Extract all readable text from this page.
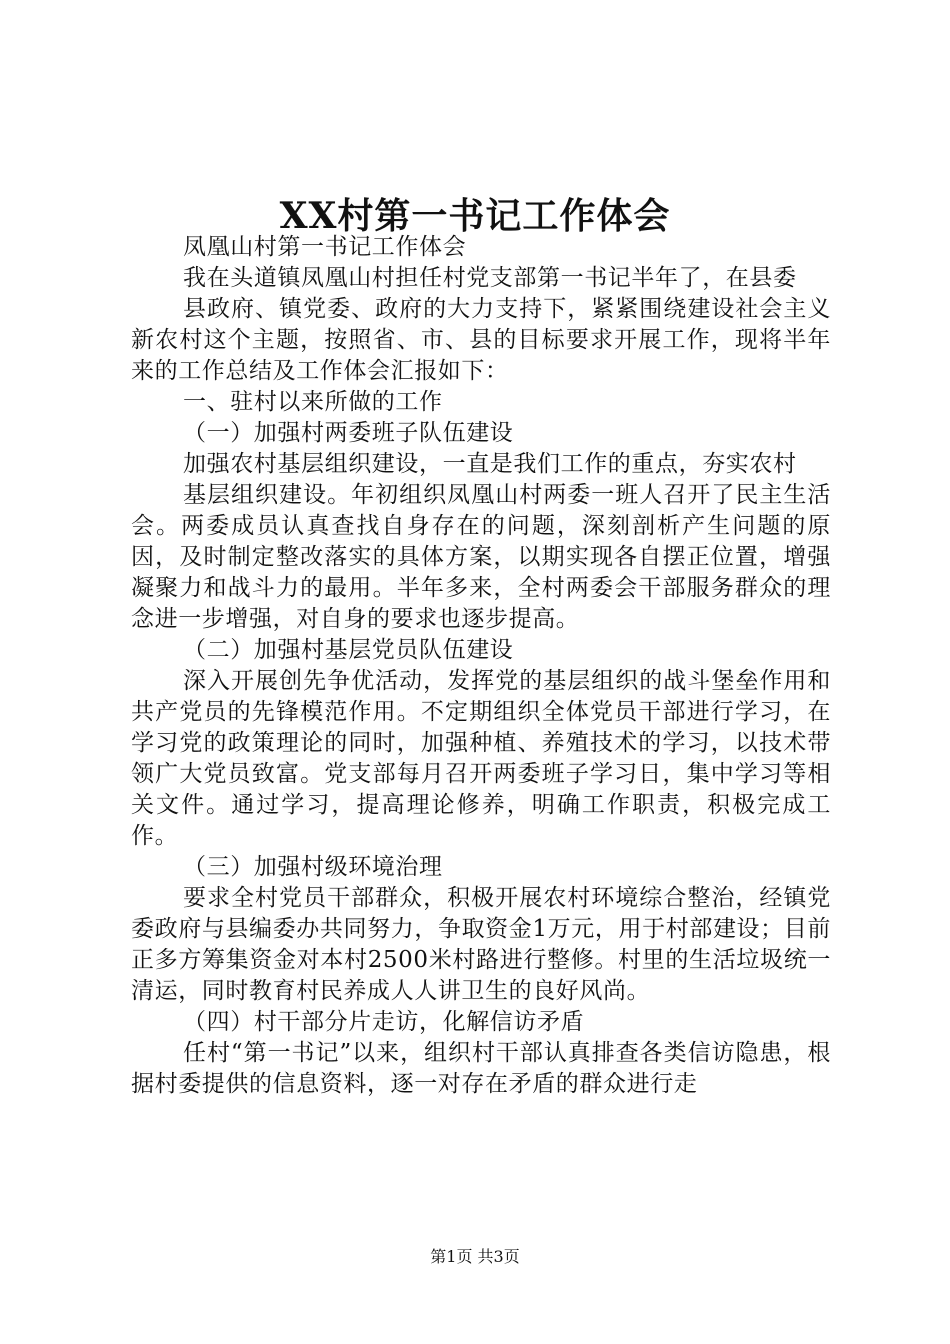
XX村第一书记工作体会

凤凰山村第一书记工作体会

我在头道镇凤凰山村担任村党支部第一书记半年了，在县委

县政府、镇党委、政府的大力支持下，紧紧围绕建设社会主义新农村这个主题，按照省、市、县的目标要求开展工作，现将半年来的工作总结及工作体会汇报如下：

一、驻村以来所做的工作

（一）加强村两委班子队伍建设

加强农村基层组织建设，一直是我们工作的重点，夯实农村

基层组织建设。年初组织凤凰山村两委一班人召开了民主生活会。两委成员认真查找自身存在的问题，深刻剖析产生问题的原因，及时制定整改落实的具体方案，以期实现各自摆正位置，增强凝聚力和战斗力的最用。半年多来，全村两委会干部服务群众的理念进一步增强，对自身的要求也逐步提高。

（二）加强村基层党员队伍建设

深入开展创先争优活动，发挥党的基层组织的战斗堡垒作用和共产党员的先锋模范作用。不定期组织全体党员干部进行学习，在学习党的政策理论的同时，加强种植、养殖技术的学习，以技术带领广大党员致富。党支部每月召开两委班子学习日，集中学习等相关文件。通过学习，提高理论修养，明确工作职责，积极完成工作。

（三）加强村级环境治理

要求全村党员干部群众，积极开展农村环境综合整治，经镇党委政府与县编委办共同努力，争取资金1万元，用于村部建设；目前正多方筹集资金对本村2500米村路进行整修。村里的生活垃圾统一清运，同时教育村民养成人人讲卫生的良好风尚。

（四）村干部分片走访，化解信访矛盾

任村“第一书记”以来，组织村干部认真排查各类信访隐患，根据村委提供的信息资料，逐一对存在矛盾的群众进行走

第1页 共3页
